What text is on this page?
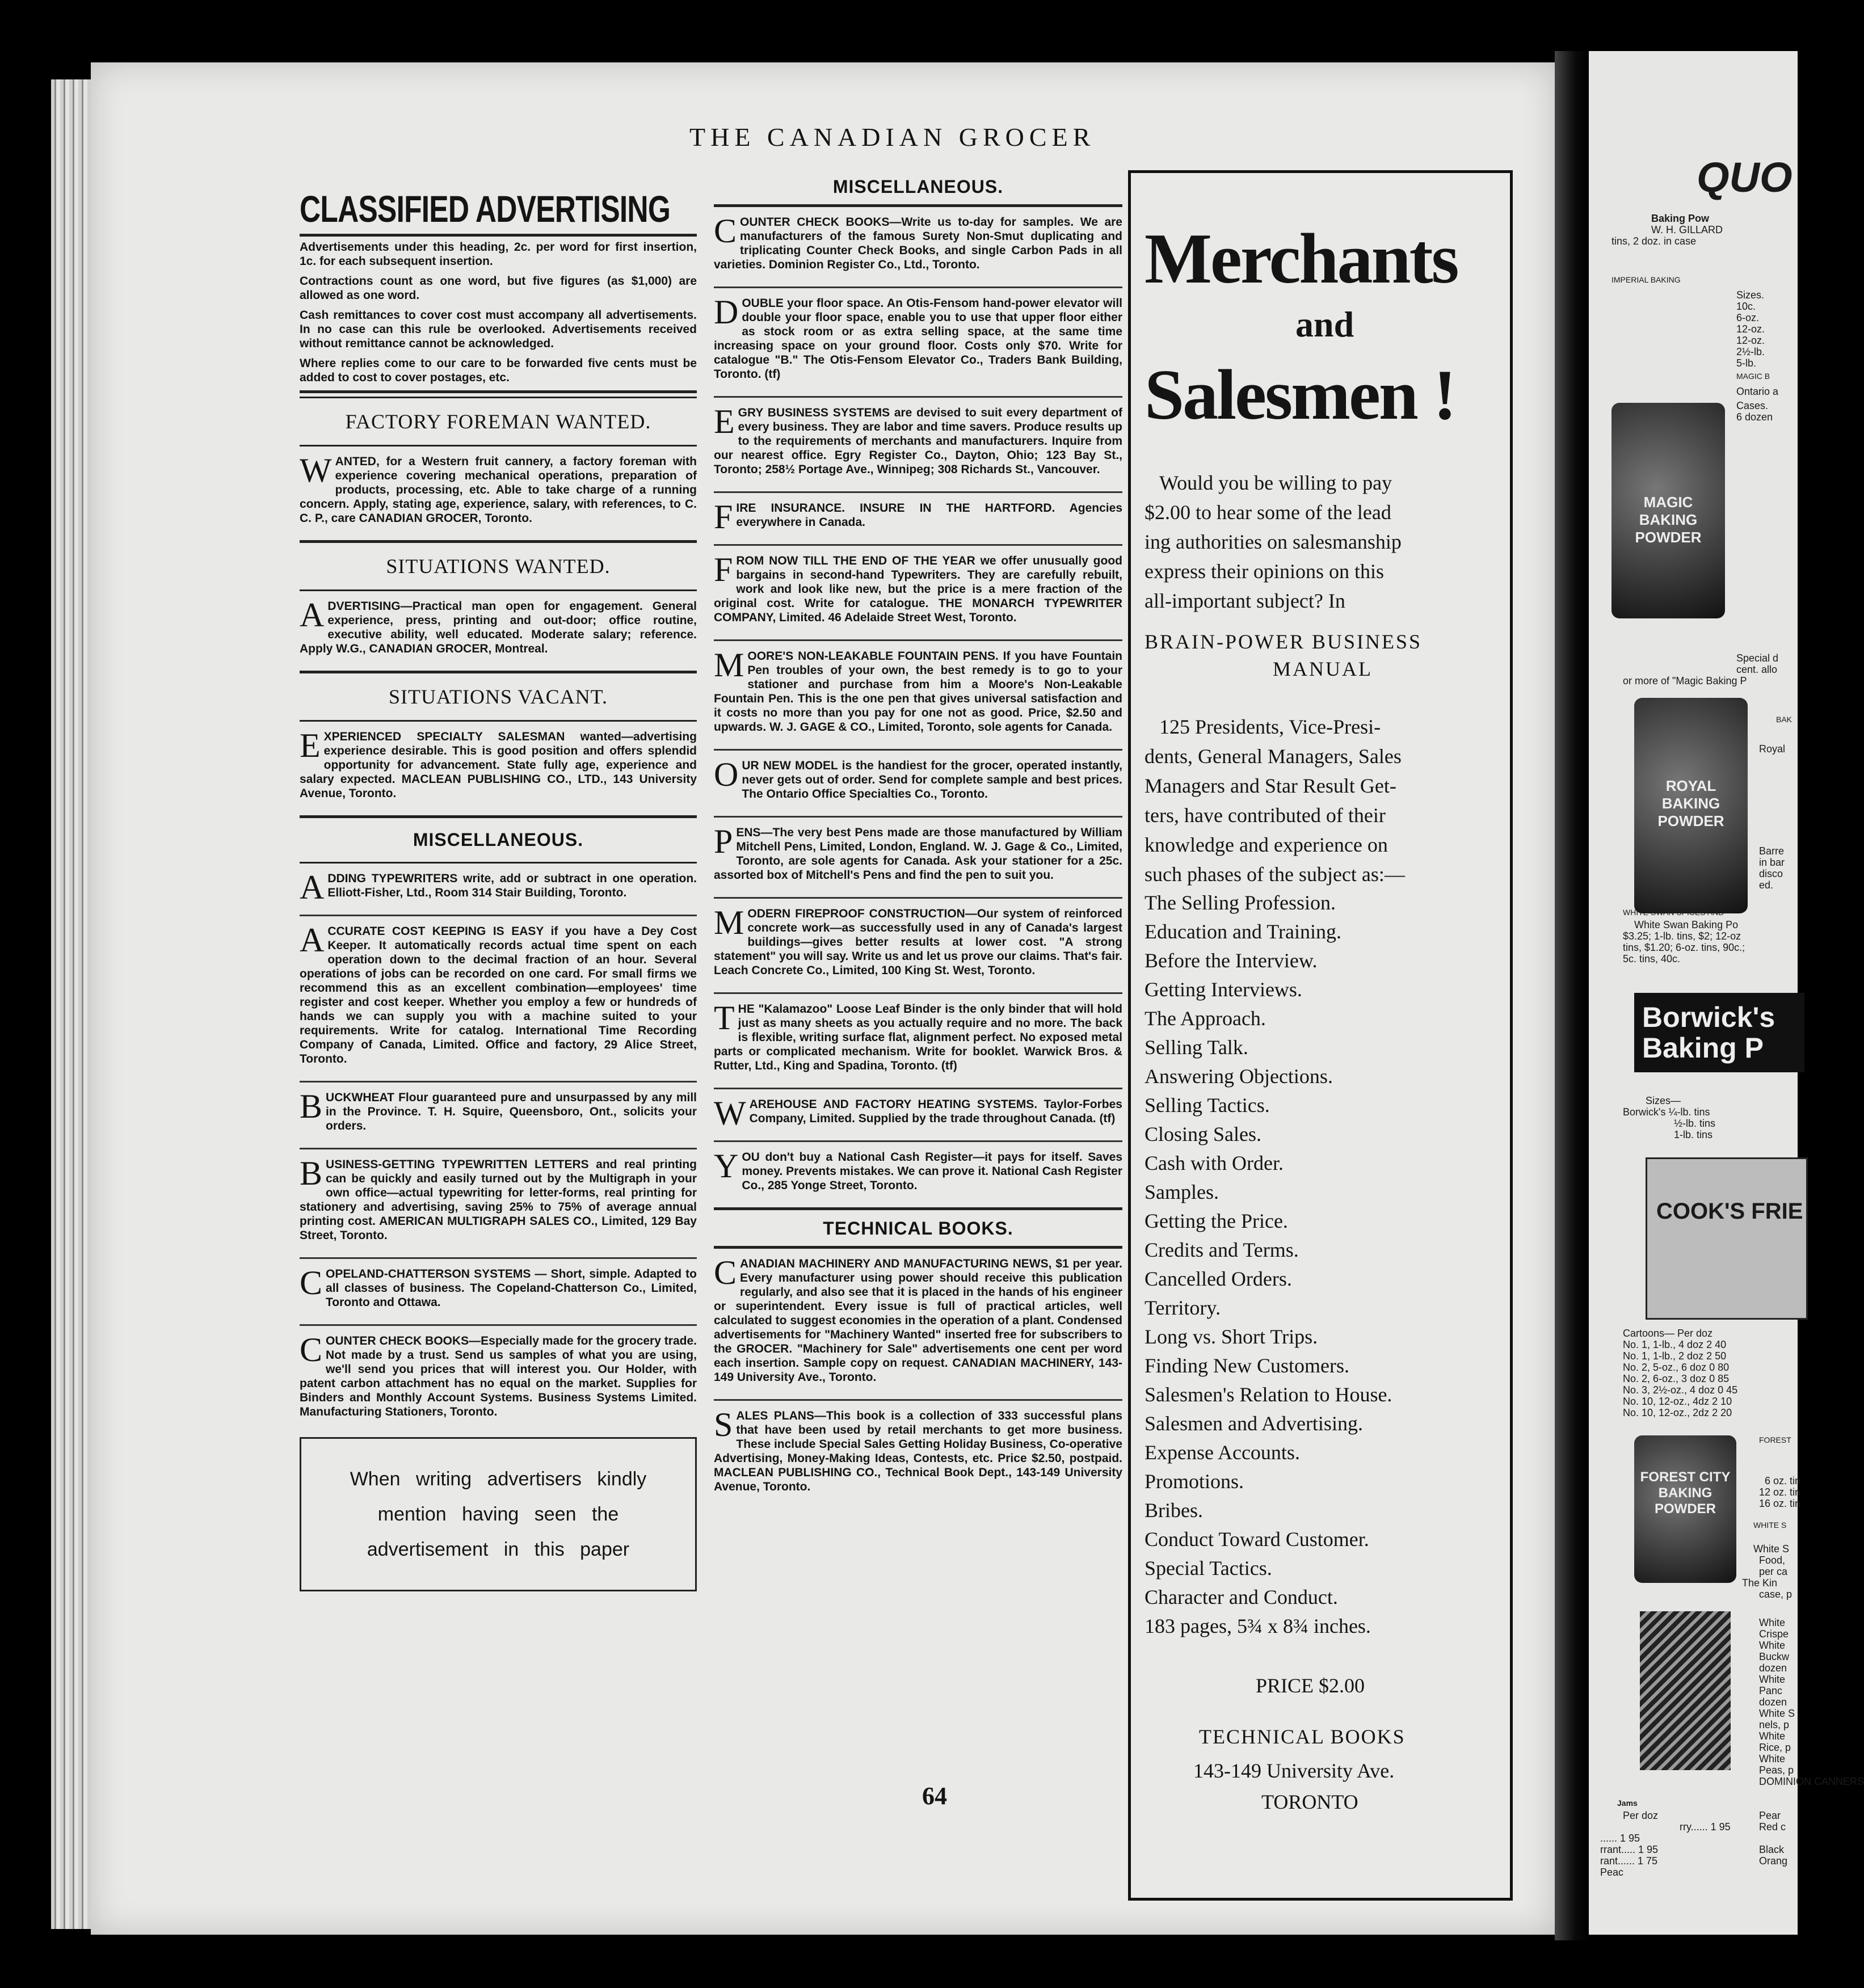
THE CANADIAN GROCER
CLASSIFIED ADVERTISING

Advertisements under this heading, 2c. per word for first insertion, 1c. for each subsequent insertion.

Contractions count as one word, but five figures (as $1,000) are allowed as one word.

Cash remittances to cover cost must accompany all advertisements. In no case can this rule be overlooked. Advertisements received without remittance cannot be acknowledged.

Where replies come to our care to be forwarded five cents must be added to cost to cover postages, etc.

FACTORY FOREMAN WANTED.
WANTED, for a Western fruit cannery, a factory foreman with experience covering mechanical operations, preparation of products, processing, etc. Able to take charge of a running concern. Apply, stating age, experience, salary, with references, to C. C. P., care CANADIAN GROCER, Toronto.
SITUATIONS WANTED.
ADVERTISING—Practical man open for engagement. General experience, press, printing and out-door; office routine, executive ability, well educated. Moderate salary; reference. Apply W.G., CANADIAN GROCER, Montreal.
SITUATIONS VACANT.
EXPERIENCED SPECIALTY SALESMAN wanted—advertising experience desirable. This is good position and offers splendid opportunity for advancement. State fully age, experience and salary expected. MACLEAN PUBLISHING CO., LTD., 143 University Avenue, Toronto.
MISCELLANEOUS.
ADDING TYPEWRITERS write, add or subtract in one operation. Elliott-Fisher, Ltd., Room 314 Stair Building, Toronto.
ACCURATE COST KEEPING IS EASY if you have a Dey Cost Keeper. It automatically records actual time spent on each operation down to the decimal fraction of an hour. Several operations of jobs can be recorded on one card. For small firms we recommend this as an excellent combination—employees' time register and cost keeper. Whether you employ a few or hundreds of hands we can supply you with a machine suited to your requirements. Write for catalog. International Time Recording Company of Canada, Limited. Office and factory, 29 Alice Street, Toronto.
BUCKWHEAT Flour guaranteed pure and unsurpassed by any mill in the Province. T. H. Squire, Queensboro, Ont., solicits your orders.
BUSINESS-GETTING TYPEWRITTEN LETTERS and real printing can be quickly and easily turned out by the Multigraph in your own office—actual typewriting for letter-forms, real printing for stationery and advertising, saving 25% to 75% of average annual printing cost. AMERICAN MULTIGRAPH SALES CO., Limited, 129 Bay Street, Toronto.
COPELAND-CHATTERSON SYSTEMS — Short, simple. Adapted to all classes of business. The Copeland-Chatterson Co., Limited, Toronto and Ottawa.
COUNTER CHECK BOOKS—Especially made for the grocery trade. Not made by a trust. Send us samples of what you are using, we'll send you prices that will interest you. Our Holder, with patent carbon attachment has no equal on the market. Supplies for Binders and Monthly Account Systems. Business Systems Limited. Manufacturing Stationers, Toronto.
When writing advertisers kindly mention having seen the advertisement in this paper
MISCELLANEOUS.
COUNTER CHECK BOOKS—Write us to-day for samples. We are manufacturers of the famous Surety Non-Smut duplicating and triplicating Counter Check Books, and single Carbon Pads in all varieties. Dominion Register Co., Ltd., Toronto.
DOUBLE your floor space. An Otis-Fensom hand-power elevator will double your floor space, enable you to use that upper floor either as stock room or as extra selling space, at the same time increasing space on your ground floor. Costs only $70. Write for catalogue "B." The Otis-Fensom Elevator Co., Traders Bank Building, Toronto. (tf)
EGRY BUSINESS SYSTEMS are devised to suit every department of every business. They are labor and time savers. Produce results up to the requirements of merchants and manufacturers. Inquire from our nearest office. Egry Register Co., Dayton, Ohio; 123 Bay St., Toronto; 258½ Portage Ave., Winnipeg; 308 Richards St., Vancouver.
FIRE INSURANCE. INSURE IN THE HARTFORD. Agencies everywhere in Canada.
FROM NOW TILL THE END OF THE YEAR we offer unusually good bargains in second-hand Typewriters. They are carefully rebuilt, work and look like new, but the price is a mere fraction of the original cost. Write for catalogue. THE MONARCH TYPEWRITER COMPANY, Limited. 46 Adelaide Street West, Toronto.
MOORE'S NON-LEAKABLE FOUNTAIN PENS. If you have Fountain Pen troubles of your own, the best remedy is to go to your stationer and purchase from him a Moore's Non-Leakable Fountain Pen. This is the one pen that gives universal satisfaction and it costs no more than you pay for one not as good. Price, $2.50 and upwards. W. J. GAGE & CO., Limited, Toronto, sole agents for Canada.
OUR NEW MODEL is the handiest for the grocer, operated instantly, never gets out of order. Send for complete sample and best prices. The Ontario Office Specialties Co., Toronto.
PENS—The very best Pens made are those manufactured by William Mitchell Pens, Limited, London, England. W. J. Gage & Co., Limited, Toronto, are sole agents for Canada. Ask your stationer for a 25c. assorted box of Mitchell's Pens and find the pen to suit you.
MODERN FIREPROOF CONSTRUCTION—Our system of reinforced concrete work—as successfully used in any of Canada's largest buildings—gives better results at lower cost. "A strong statement" you will say. Write us and let us prove our claims. That's fair. Leach Concrete Co., Limited, 100 King St. West, Toronto.
THE "Kalamazoo" Loose Leaf Binder is the only binder that will hold just as many sheets as you actually require and no more. The back is flexible, writing surface flat, alignment perfect. No exposed metal parts or complicated mechanism. Write for booklet. Warwick Bros. & Rutter, Ltd., King and Spadina, Toronto. (tf)
WAREHOUSE AND FACTORY HEATING SYSTEMS. Taylor-Forbes Company, Limited. Supplied by the trade throughout Canada. (tf)
YOU don't buy a National Cash Register—it pays for itself. Saves money. Prevents mistakes. We can prove it. National Cash Register Co., 285 Yonge Street, Toronto.
TECHNICAL BOOKS.
CANADIAN MACHINERY AND MANUFACTURING NEWS, $1 per year. Every manufacturer using power should receive this publication regularly, and also see that it is placed in the hands of his engineer or superintendent. Every issue is full of practical articles, well calculated to suggest economies in the operation of a plant. Condensed advertisements for "Machinery Wanted" inserted free for subscribers to the GROCER. "Machinery for Sale" advertisements one cent per word each insertion. Sample copy on request. CANADIAN MACHINERY, 143-149 University Ave., Toronto.
SALES PLANS—This book is a collection of 333 successful plans that have been used by retail merchants to get more business. These include Special Sales Getting Holiday Business, Co-operative Advertising, Money-Making Ideas, Contests, etc. Price $2.50, postpaid. MACLEAN PUBLISHING CO., Technical Book Dept., 143-149 University Avenue, Toronto.
64
Merchants
and
Salesmen !
Would you be willing to pay
$2.00 to hear some of the lead
ing authorities on salesmanship
express their opinions on this
all-important subject? In
BRAIN-POWER BUSINESS
MANUAL
125 Presidents, Vice-Presi-
dents, General Managers, Sales
Managers and Star Result Get-
ters, have contributed of their
knowledge and experience on
such phases of the subject as:—
The Selling Profession.
Education and Training.
Before the Interview.
Getting Interviews.
The Approach.
Selling Talk.
Answering Objections.
Selling Tactics.
Closing Sales.
Cash with Order.
Samples.
Getting the Price.
Credits and Terms.
Cancelled Orders.
Territory.
Long vs. Short Trips.
Finding New Customers.
Salesmen's Relation to House.
Salesmen and Advertising.
Expense Accounts.
Promotions.
Bribes.
Conduct Toward Customer.
Special Tactics.
Character and Conduct.
183 pages, 5¾ x 8¾ inches.
PRICE $2.00
TECHNICAL BOOKS
143-149 University Ave.
TORONTO
QUO
Baking Pow
W. H. GILLARD
tins, 2 doz. in case
IMPERIAL BAKING
Sizes.
10c.
6-oz.
12-oz.
12-oz.
2½-lb.
5-lb.
MAGIC B
Ontario a
Cases.
6 dozen
MAGIC BAKING POWDER
Special d
cent. allo
or more of "Magic Baking P
BAK
Royal
ROYAL BAKING POWDER
Barre
in bar
disco
ed.
WHITE SWAN SPICES AND
White Swan Baking Po
$3.25; 1-lb. tins, $2; 12-oz
tins, $1.20; 6-oz. tins, 90c.;
5c. tins, 40c.
Borwick's Baking P
Sizes—
Borwick's ¼-lb. tins
½-lb. tins
1-lb. tins
COOK'S FRIE
Cartoons— Per doz
No. 1, 1-lb., 4 doz 2 40
No. 1, 1-lb., 2 doz 2 50
No. 2, 5-oz., 6 doz 0 80
No. 2, 6-oz., 3 doz 0 85
No. 3, 2½-oz., 4 doz 0 45
No. 10, 12-oz., 4dz 2 10
No. 10, 12-oz., 2dz 2 20
FOREST
FOREST CITY BAKING POWDER
6 oz. tin
12 oz. tin
16 oz. tin
WHITE S
White S
Food,
per ca
The Kin
case, p
White
Crispe
White
Buckw
dozen
White
Panc
dozen
White S
nels, p
White
Rice, p
White
Peas, p
DOMINION CANNERS
Jams
Per doz
rry...... 1 95
...... 1 95
rrant..... 1 95
rant...... 1 75
Peac
Pear
Red c
Black
Orang
